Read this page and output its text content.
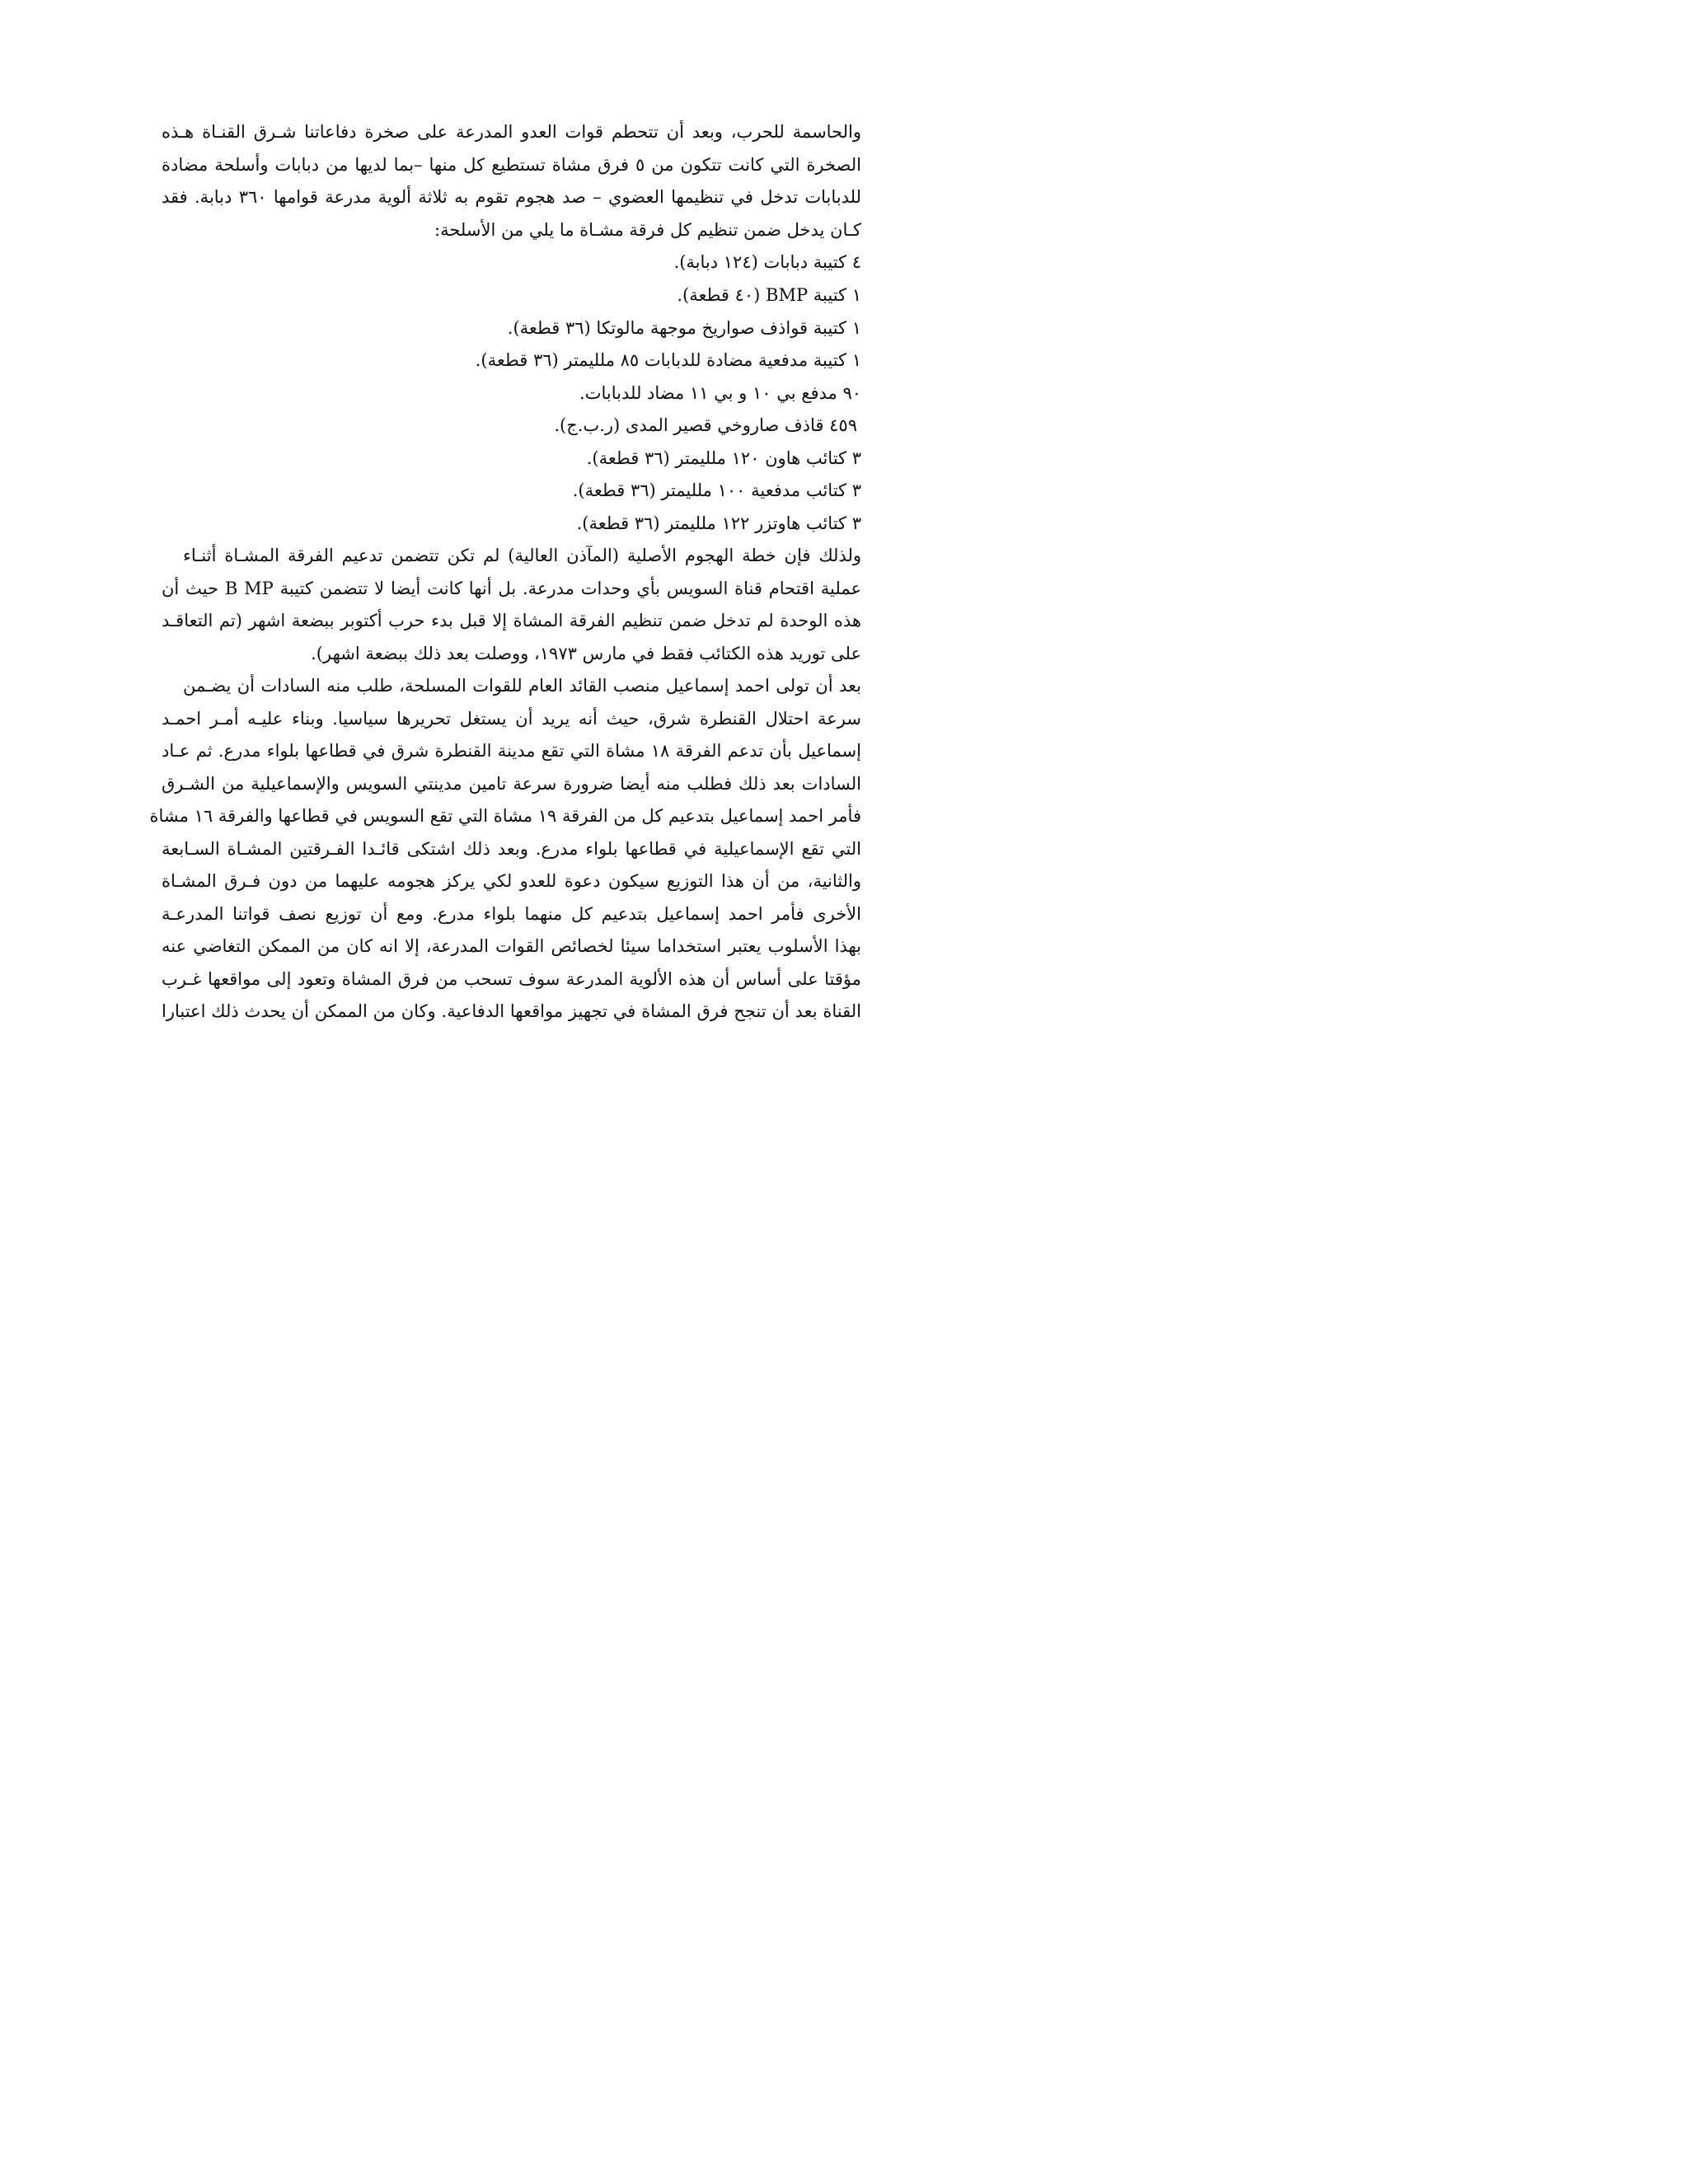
والحاسمة للحرب، وبعد أن تتحطم قوات العدو المدرعة على صخرة دفاعاتنا شـرق القنـاة هـذه
الصخرة التي كانت تتكون من ٥ فرق مشاة تستطيع كل منها –بما لديها من دبابات وأسلحة مضادة
للدبابات تدخل في تنظيمها العضوي – صد هجوم تقوم به ثلاثة ألوية مدرعة قوامها ٣٦٠ دبابة. فقد
كـان يدخل ضمن تنظيم كل فرقة مشـاة ما يلي من الأسلحة:
٤ كتيبة دبابات (١٢٤ دبابة).
١ كتيبة BMP (٤٠ قطعة).
١ كتيبة قواذف صواريخ موجهة مالوتكا (٣٦ قطعة).
١ كتيبة مدفعية مضادة للدبابات ٨٥ ملليمتر (٣٦ قطعة).
٩٠ مدفع بي ١٠ و بي ١١ مضاد للدبابات.
٤٥٩ قاذف صاروخي قصير المدى (ر.ب.ج).
٣ كتائب هاون ١٢٠ ملليمتر (٣٦ قطعة).
٣ كتائب مدفعية ١٠٠ ملليمتر (٣٦ قطعة).
٣ كتائب هاوتزر ١٢٢ ملليمتر (٣٦ قطعة).
ولذلك فإن خطة الهجوم الأصلية (المآذن العالية) لم تكن تتضمن تدعيم الفرقة المشـاة أثنـاء
عملية اقتحام قناة السويس بأي وحدات مدرعة. بل أنها كانت أيضا لا تتضمن كتيبة B MP حيث أن
هذه الوحدة لم تدخل ضمن تنظيم الفرقة المشاة إلا قبل بدء حرب أكتوبر ببضعة اشهر (تم التعاقـد
على توريد هذه الكتائب فقط في مارس ١٩٧٣، ووصلت بعد ذلك ببضعة اشهر).
بعد أن تولى احمد إسماعيل منصب القائد العام للقوات المسلحة، طلب منه السادات أن يضـمن
سرعة احتلال القنطرة شرق، حيث أنه يريد أن يستغل تحريرها سياسيا. وبناء عليـه أمـر احمـد
إسماعيل بأن تدعم الفرقة ١٨ مشاة التي تقع مدينة القنطرة شرق في قطاعها بلواء مدرع. ثم عـاد
السادات بعد ذلك فطلب منه أيضا ضرورة سرعة تامين مدينتي السويس والإسماعيلية من الشـرق
فأمر احمد إسماعيل بتدعيم كل من الفرقة ١٩ مشاة التي تقع السويس في قطاعها والفرقة ١٦ مشاة
التي تقع الإسماعيلية في قطاعها بلواء مدرع. وبعد ذلك اشتكى قائـدا الفـرقتين المشـاة السـابعة
والثانية، من أن هذا التوزيع سيكون دعوة للعدو لكي يركز هجومه عليهما من دون فـرق المشـاة
الأخرى فأمر احمد إسماعيل بتدعيم كل منهما بلواء مدرع. ومع أن توزيع نصف قواتنا المدرعـة
بهذا الأسلوب يعتبر استخداما سيئا لخصائص القوات المدرعة، إلا انه كان من الممكن التغاضي عنه
مؤقتا على أساس أن هذه الألوية المدرعة سوف تسحب من فرق المشاة وتعود إلى مواقعها غـرب
القناة بعد أن تنجح فرق المشاة في تجهيز مواقعها الدفاعية. وكان من الممكن أن يحدث ذلك اعتبارا
